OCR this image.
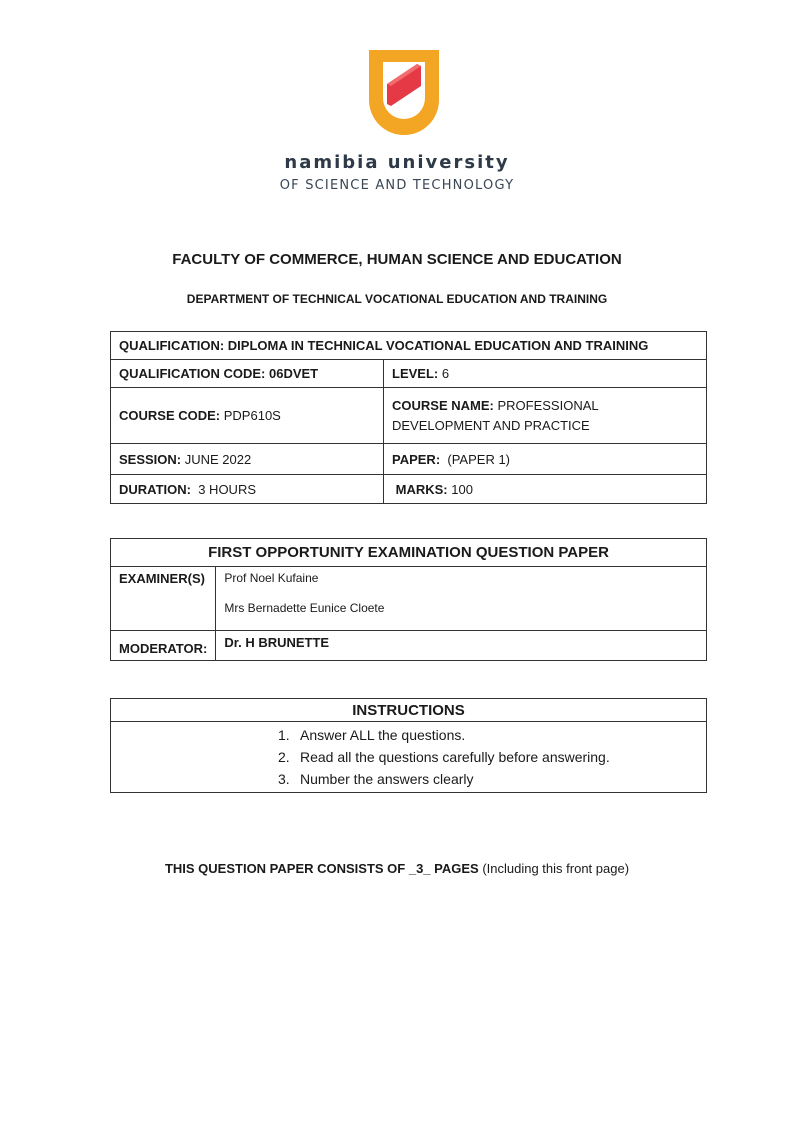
namibia university
OF SCIENCE AND TECHNOLOGY
FACULTY OF COMMERCE, HUMAN SCIENCE AND EDUCATION
DEPARTMENT OF TECHNICAL VOCATIONAL EDUCATION AND TRAINING
QUALIFICATION: DIPLOMA IN TECHNICAL VOCATIONAL EDUCATION AND TRAINING	
QUALIFICATION CODE: 06DVET	LEVEL: 6
COURSE CODE: PDP610S	COURSE NAME: PROFESSIONAL DEVELOPMENT AND PRACTICE
SESSION: JUNE 2022	PAPER: (PAPER 1)
DURATION: 3 HOURS	MARKS: 100
FIRST OPPORTUNITY EXAMINATION QUESTION PAPER	
EXAMINER(S)	Prof Noel Kufaine
Mrs Bernadette Eunice Cloete

MODERATOR:	Dr. H BRUNETTE
INSTRUCTIONS

1. Answer ALL the questions.
2. Read all the questions carefully before answering.
3. Number the answers clearly
THIS QUESTION PAPER CONSISTS OF _3_ PAGES (Including this front page)
